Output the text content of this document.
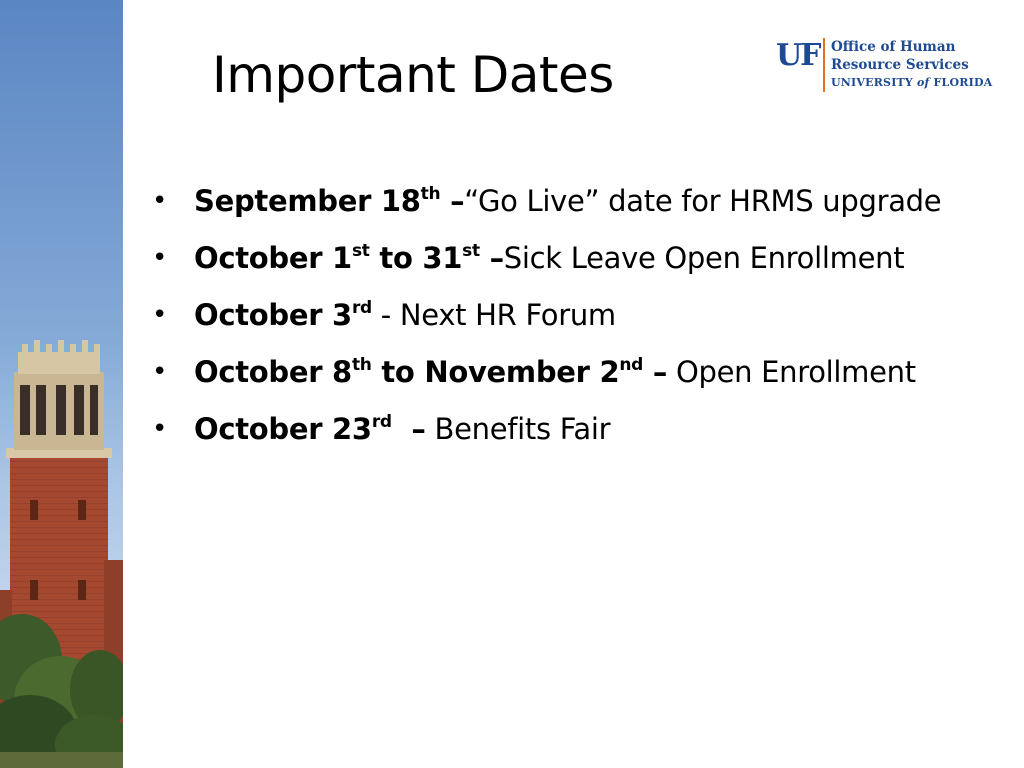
Important Dates	UF Office of Human
Resource Services
UNIVERSITY of FLORIDA
• September 18th –“Go Live” date for HRMS upgrade
• October 1st to 31st –Sick Leave Open Enrollment
• October 3rd - Next HR Forum
• October 8th to November 2nd – Open Enrollment
• October 23rd  – Benefits Fair
